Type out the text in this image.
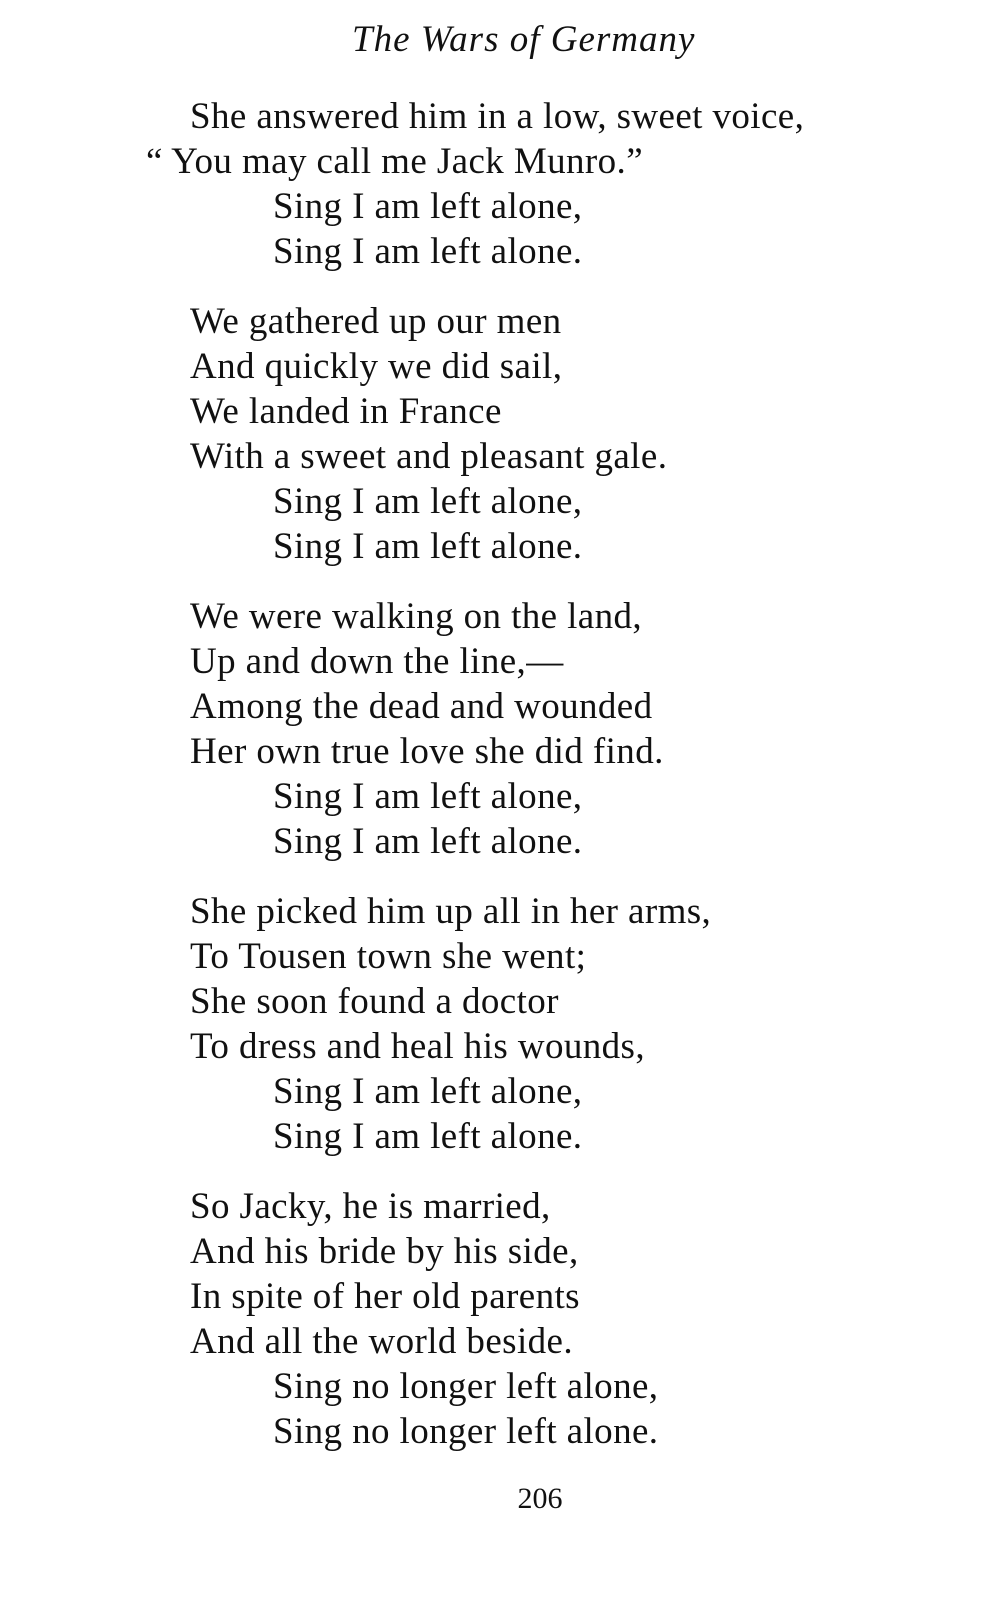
The Wars of Germany
She answered him in a low, sweet voice,
“ You may call me Jack Munro.”
Sing I am left alone,
Sing I am left alone.
We gathered up our men
And quickly we did sail,
We landed in France
With a sweet and pleasant gale.
Sing I am left alone,
Sing I am left alone.
We were walking on the land,
Up and down the line,—
Among the dead and wounded
Her own true love she did find.
Sing I am left alone,
Sing I am left alone.
She picked him up all in her arms,
To Tousen town she went;
She soon found a doctor
To dress and heal his wounds,
Sing I am left alone,
Sing I am left alone.
So Jacky, he is married,
And his bride by his side,
In spite of her old parents
And all the world beside.
Sing no longer left alone,
Sing no longer left alone.
206
